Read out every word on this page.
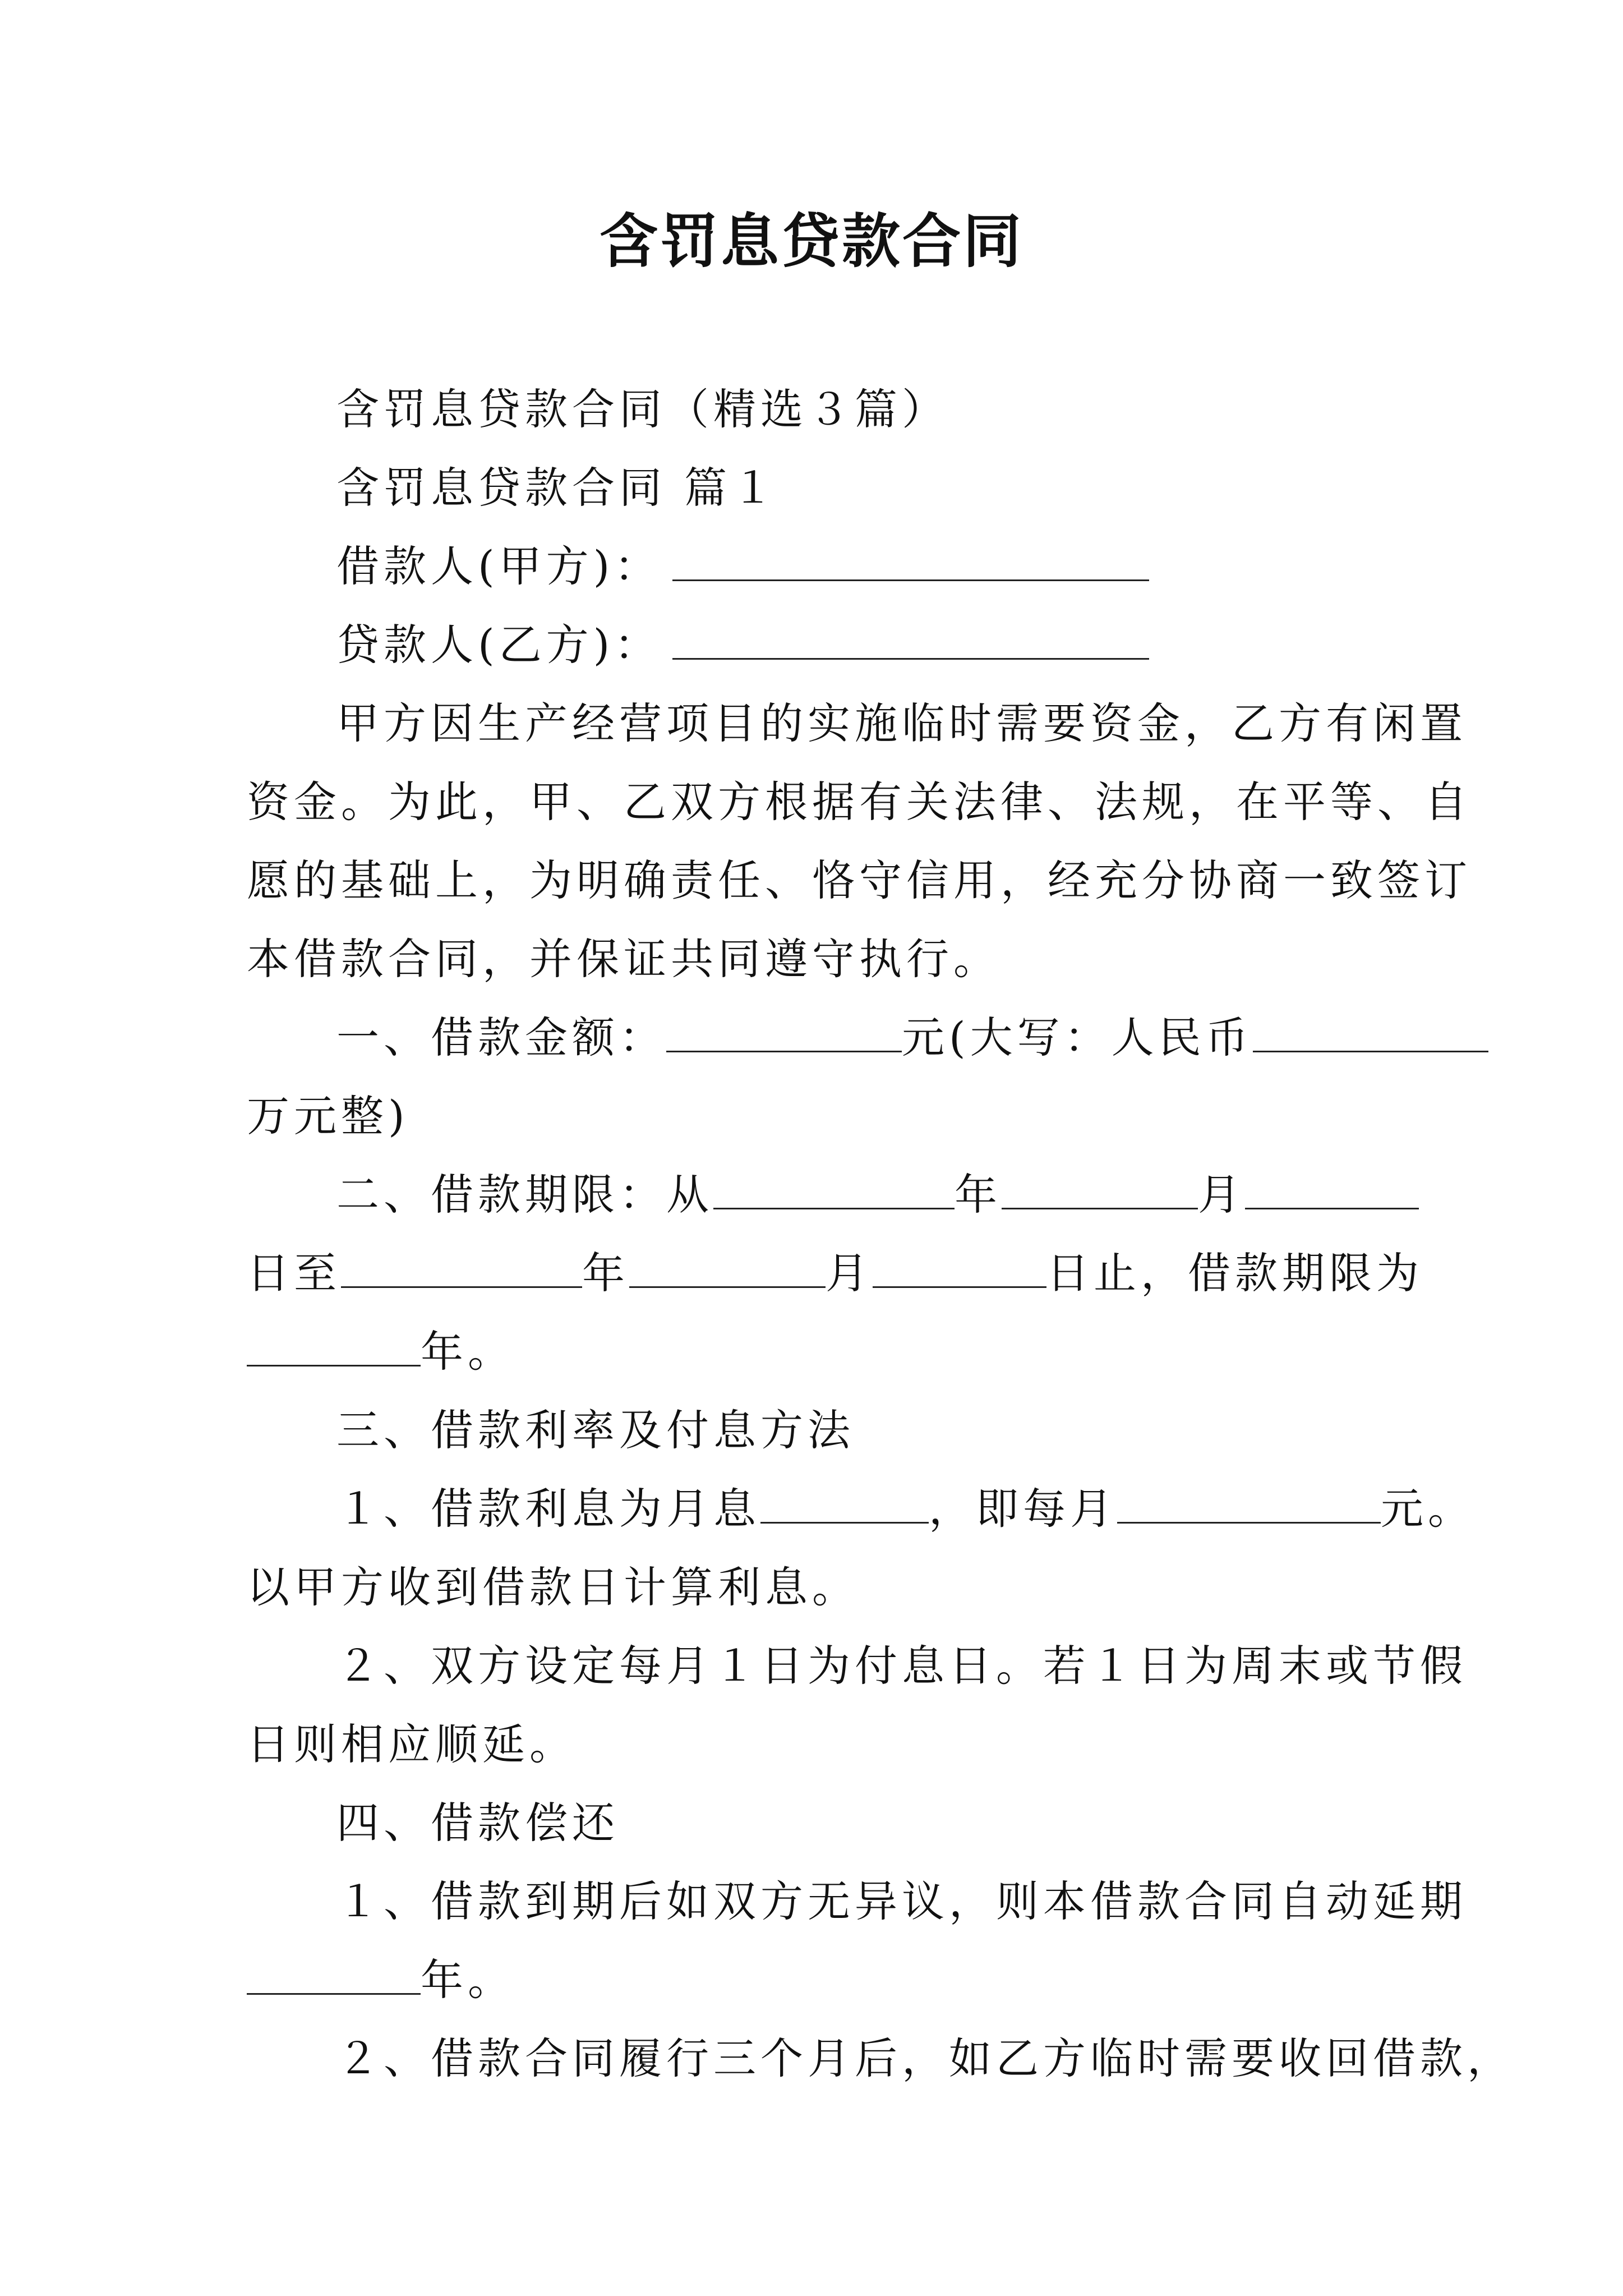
含罚息贷款合同
含罚息贷款合同（精选３篇）
含罚息贷款合同 篇１
借款人(甲方)：
贷款人(乙方)：
甲方因生产经营项目的实施临时需要资金，乙方有闲置
资金。为此，甲、乙双方根据有关法律、法规，在平等、自
愿的基础上，为明确责任、恪守信用，经充分协商一致签订
本借款合同，并保证共同遵守执行。
一、借款金额：	元(大写：人民币
万元整)
二、借款期限：从	年	月
日至	年	月	日止，借款期限为
年。
三、借款利率及付息方法
１、借款利息为月息	，即每月	元。
以甲方收到借款日计算利息。
２、双方设定每月１日为付息日。若１日为周末或节假
日则相应顺延。
四、借款偿还
１、借款到期后如双方无异议，则本借款合同自动延期
年。
２、借款合同履行三个月后，如乙方临时需要收回借款，
